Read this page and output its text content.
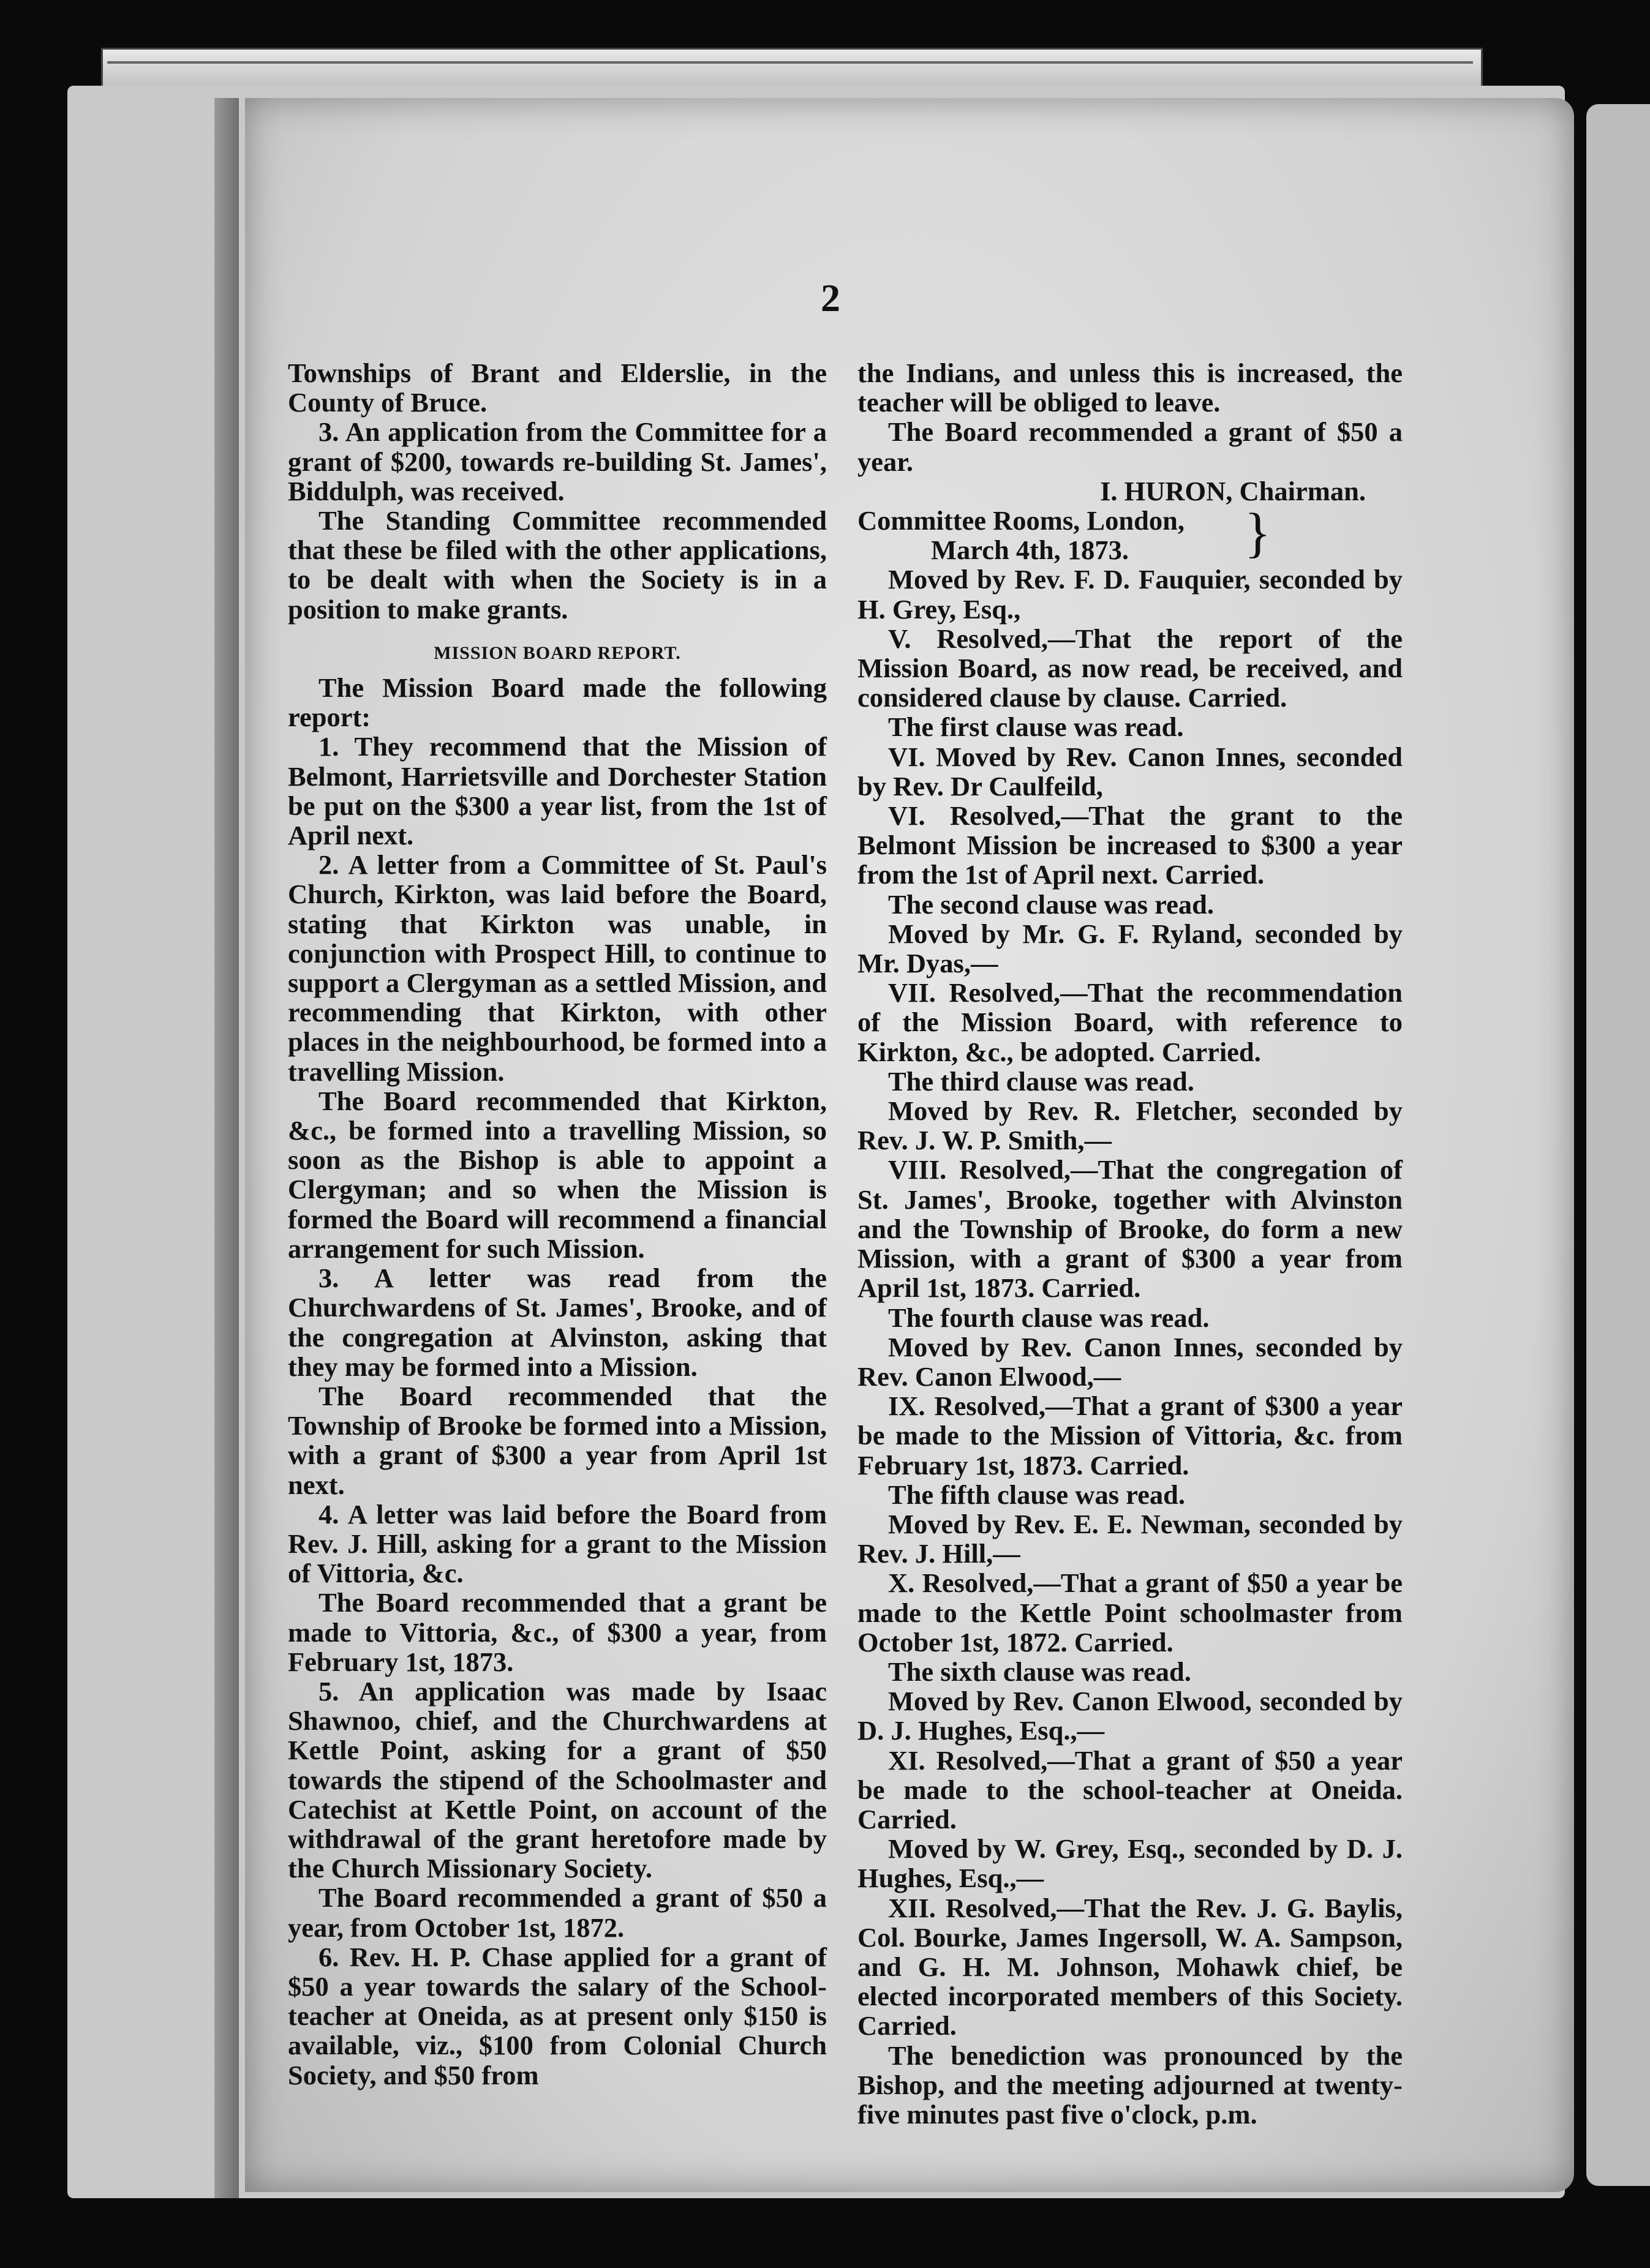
2

Townships of Brant and Elderslie, in the County of Bruce.

3. An application from the Committee for a grant of $200, towards re-building St. James', Biddulph, was received.

The Standing Committee recommended that these be filed with the other applications, to be dealt with when the Society is in a position to make grants.

MISSION BOARD REPORT.

The Mission Board made the following report:

1. They recommend that the Mission of Belmont, Harrietsville and Dorchester Station be put on the $300 a year list, from the 1st of April next.

2. A letter from a Committee of St. Paul's Church, Kirkton, was laid before the Board, stating that Kirkton was unable, in conjunction with Prospect Hill, to continue to support a Clergyman as a settled Mission, and recommending that Kirkton, with other places in the neighbourhood, be formed into a travelling Mission.

The Board recommended that Kirkton, &c., be formed into a travelling Mission, so soon as the Bishop is able to appoint a Clergyman; and so when the Mission is formed the Board will recommend a financial arrangement for such Mission.

3. A letter was read from the Churchwardens of St. James', Brooke, and of the congregation at Alvinston, asking that they may be formed into a Mission.

The Board recommended that the Township of Brooke be formed into a Mission, with a grant of $300 a year from April 1st next.

4. A letter was laid before the Board from Rev. J. Hill, asking for a grant to the Mission of Vittoria, &c.

The Board recommended that a grant be made to Vittoria, &c., of $300 a year, from February 1st, 1873.

5. An application was made by Isaac Shawnoo, chief, and the Churchwardens at Kettle Point, asking for a grant of $50 towards the stipend of the Schoolmaster and Catechist at Kettle Point, on account of the withdrawal of the grant heretofore made by the Church Missionary Society.

The Board recommended a grant of $50 a year, from October 1st, 1872.

6. Rev. H. P. Chase applied for a grant of $50 a year towards the salary of the School-teacher at Oneida, as at present only $150 is available, viz., $100 from Colonial Church Society, and $50 from

the Indians, and unless this is increased, the teacher will be obliged to leave.

The Board recommended a grant of $50 a year.

I. HURON, Chairman.

Committee Rooms, London,

March 4th, 1873.	}

Moved by Rev. F. D. Fauquier, seconded by H. Grey, Esq.,

V. Resolved,—That the report of the Mission Board, as now read, be received, and considered clause by clause. Carried.

The first clause was read.

VI. Moved by Rev. Canon Innes, seconded by Rev. Dr Caulfeild,

VI. Resolved,—That the grant to the Belmont Mission be increased to $300 a year from the 1st of April next. Carried.

The second clause was read.

Moved by Mr. G. F. Ryland, seconded by Mr. Dyas,—

VII. Resolved,—That the recommendation of the Mission Board, with reference to Kirkton, &c., be adopted. Carried.

The third clause was read.

Moved by Rev. R. Fletcher, seconded by Rev. J. W. P. Smith,—

VIII. Resolved,—That the congregation of St. James', Brooke, together with Alvinston and the Township of Brooke, do form a new Mission, with a grant of $300 a year from April 1st, 1873. Carried.

The fourth clause was read.

Moved by Rev. Canon Innes, seconded by Rev. Canon Elwood,—

IX. Resolved,—That a grant of $300 a year be made to the Mission of Vittoria, &c. from February 1st, 1873. Carried.

The fifth clause was read.

Moved by Rev. E. E. Newman, seconded by Rev. J. Hill,—

X. Resolved,—That a grant of $50 a year be made to the Kettle Point schoolmaster from October 1st, 1872. Carried.

The sixth clause was read.

Moved by Rev. Canon Elwood, seconded by D. J. Hughes, Esq.,—

XI. Resolved,—That a grant of $50 a year be made to the school-teacher at Oneida. Carried.

Moved by W. Grey, Esq., seconded by D. J. Hughes, Esq.,—

XII. Resolved,—That the Rev. J. G. Baylis, Col. Bourke, James Ingersoll, W. A. Sampson, and G. H. M. Johnson, Mohawk chief, be elected incorporated members of this Society. Carried.

The benediction was pronounced by the Bishop, and the meeting adjourned at twenty-five minutes past five o'clock, p.m.
